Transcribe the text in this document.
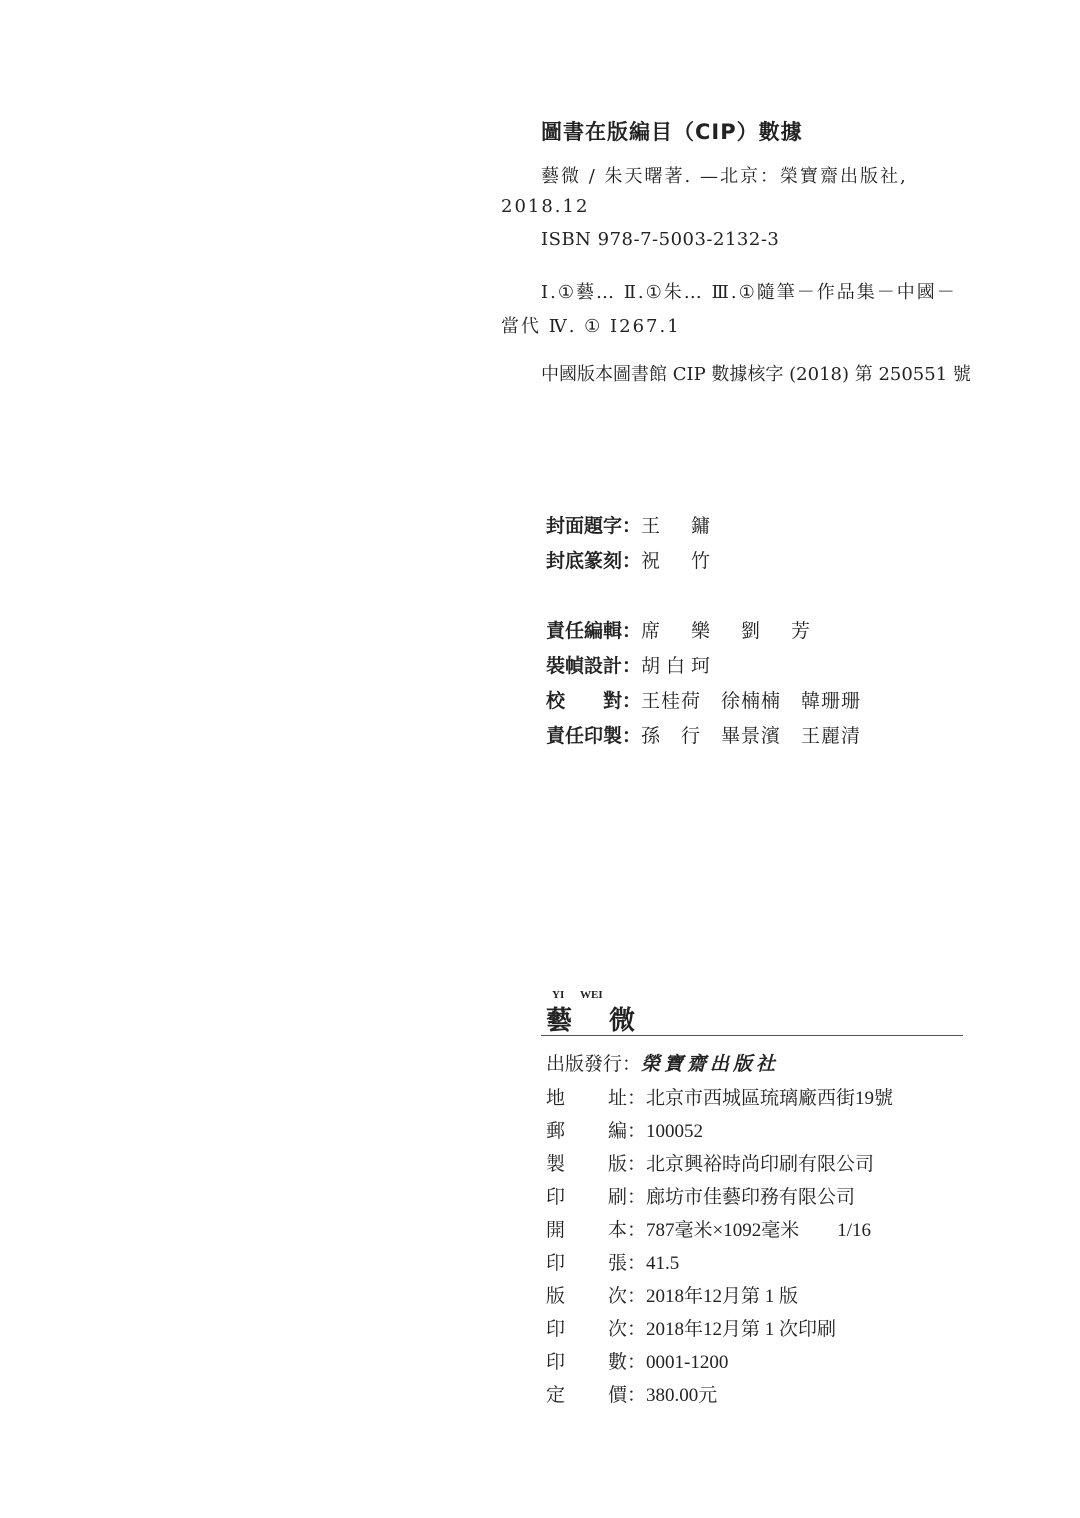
圖書在版編目（CIP）數據
藝微 / 朱天曙著. —北京：榮寶齋出版社,
2018.12
ISBN 978-7-5003-2132-3
Ⅰ.①藝… Ⅱ.①朱… Ⅲ.①隨筆－作品集－中國－
當代 Ⅳ. ① I267.1
中國版本圖書館 CIP 數據核字 (2018) 第 250551 號
封面題字：王　鏞
封底篆刻：祝　竹
責任編輯：席　樂　劉　芳
裝幀設計：胡白珂
校　　對：王桂荷　徐楠楠　韓珊珊
責任印製：孫　行　畢景濱　王麗清
YI WEI
藝 微
出版發行：榮寶齋出版社
地 址：北京市西城區琉璃廠西街19號
郵 編：100052
製 版：北京興裕時尚印刷有限公司
印 刷：廊坊市佳藝印務有限公司
開 本：787毫米×1092毫米 1/16
印 張：41.5
版 次：2018年12月第 1 版
印 次：2018年12月第 1 次印刷
印 數：0001-1200
定 價：380.00元
